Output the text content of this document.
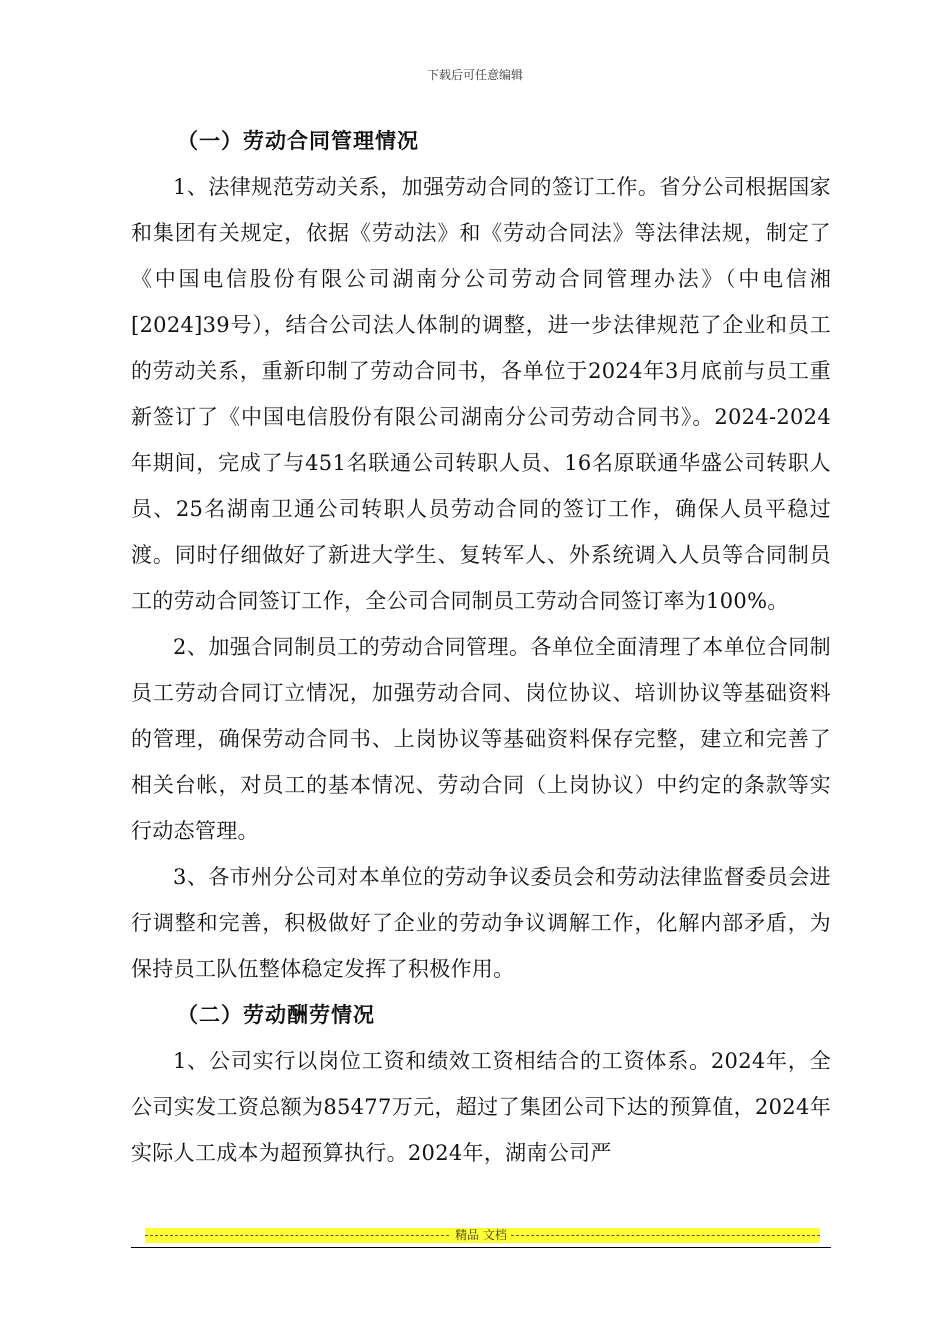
下载后可任意编辑
（一）劳动合同管理情况

1、法律规范劳动关系，加强劳动合同的签订工作。省分公司根据国家和集团有关规定，依据《劳动法》和《劳动合同法》等法律法规，制定了《中国电信股份有限公司湖南分公司劳动合同管理办法》（中电信湘[2024]39号），结合公司法人体制的调整，进一步法律规范了企业和员工的劳动关系，重新印制了劳动合同书，各单位于2024年3月底前与员工重新签订了《中国电信股份有限公司湖南分公司劳动合同书》。2024-2024年期间，完成了与451名联通公司转职人员、16名原联通华盛公司转职人员、25名湖南卫通公司转职人员劳动合同的签订工作，确保人员平稳过渡。同时仔细做好了新进大学生、复转军人、外系统调入人员等合同制员工的劳动合同签订工作，全公司合同制员工劳动合同签订率为100%。

2、加强合同制员工的劳动合同管理。各单位全面清理了本单位合同制员工劳动合同订立情况，加强劳动合同、岗位协议、培训协议等基础资料的管理，确保劳动合同书、上岗协议等基础资料保存完整，建立和完善了相关台帐，对员工的基本情况、劳动合同（上岗协议）中约定的条款等实行动态管理。

3、各市州分公司对本单位的劳动争议委员会和劳动法律监督委员会进行调整和完善，积极做好了企业的劳动争议调解工作，化解内部矛盾，为保持员工队伍整体稳定发挥了积极作用。

（二）劳动酬劳情况

1、公司实行以岗位工资和绩效工资相结合的工资体系。2024年，全公司实发工资总额为85477万元，超过了集团公司下达的预算值，2024年实际人工成本为超预算执行。2024年，湖南公司严

精品 文档
